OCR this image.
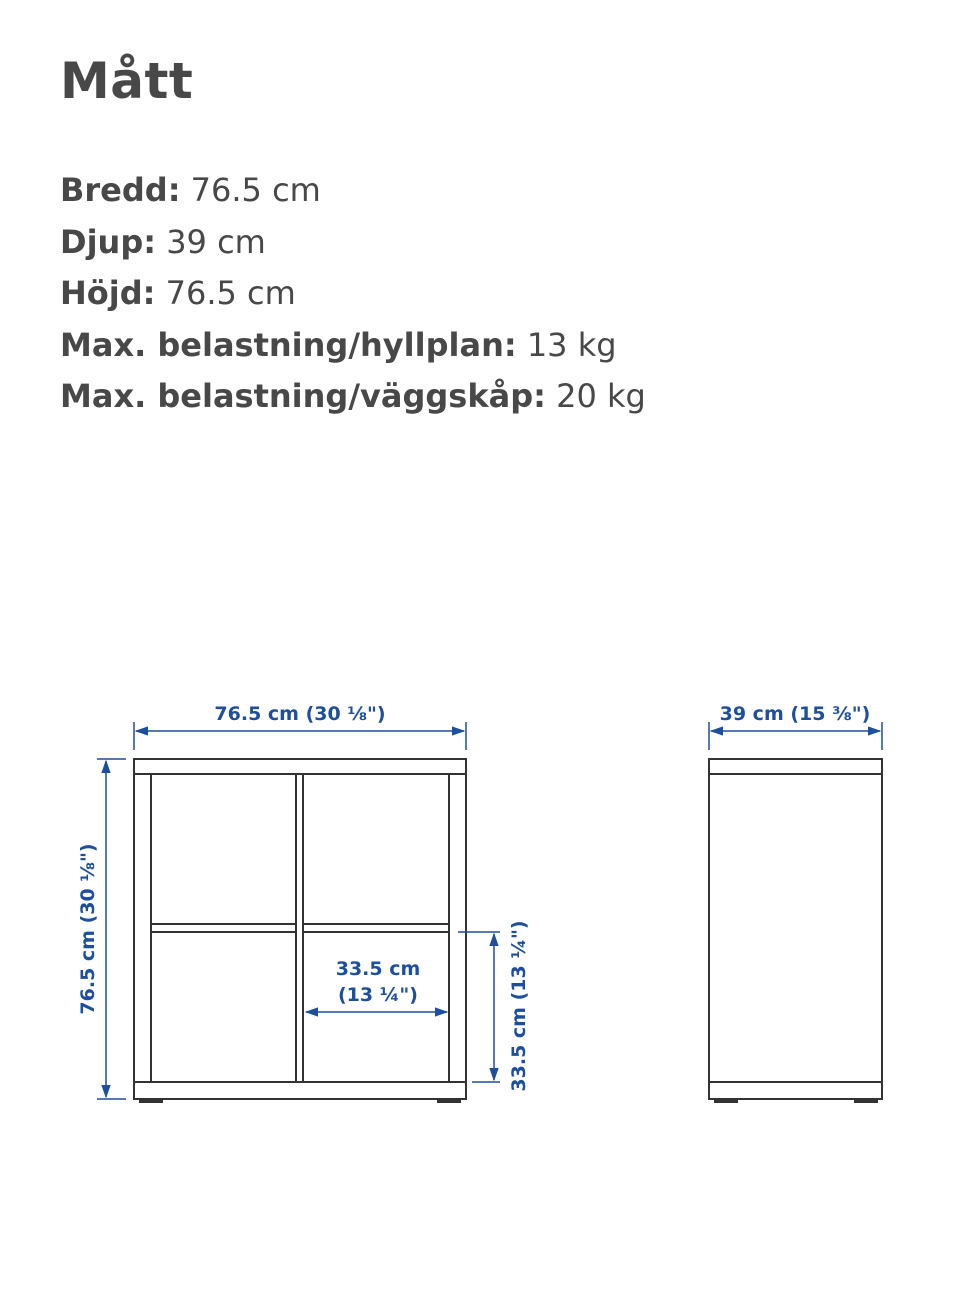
Mått
Bredd: 76.5 cm
Djup: 39 cm
Höjd: 76.5 cm
Max. belastning/hyllplan: 13 kg
Max. belastning/väggskåp: 20 kg
76.5 cm (30 ⅛")
76.5 cm (30 ⅛")	33.5 cm
(13 ¼")	33.5 cm (13 ¼")
39 cm (15 ⅜")
